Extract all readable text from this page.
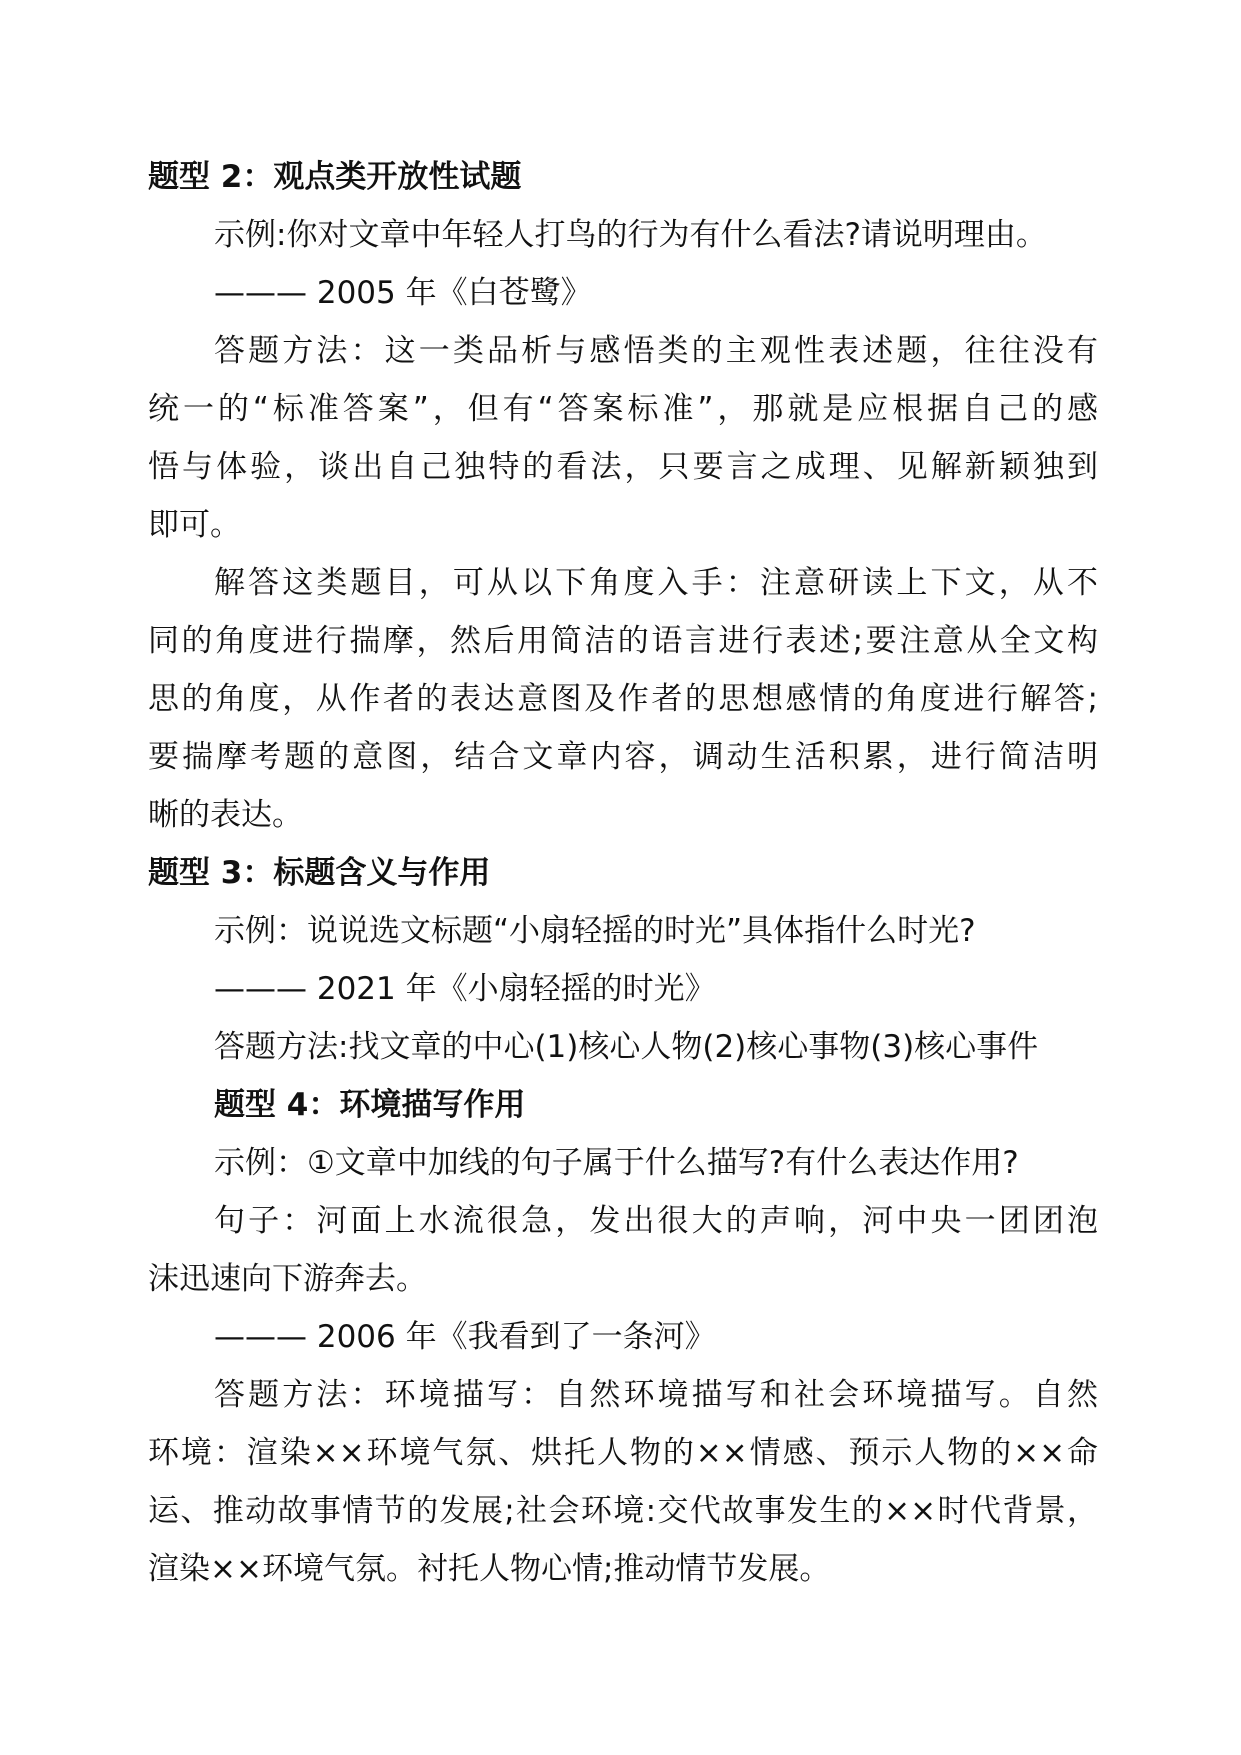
题型 2：观点类开放性试题
示例:你对文章中年轻人打鸟的行为有什么看法?请说明理由。
——— 2005 年《白苍鹭》
答题方法：这一类品析与感悟类的主观性表述题，往往没有
统一的“标准答案”，但有“答案标准”，那就是应根据自己的感
悟与体验，谈出自己独特的看法，只要言之成理、见解新颖独到
即可。
解答这类题目，可从以下角度入手：注意研读上下文，从不
同的角度进行揣摩，然后用简洁的语言进行表述;要注意从全文构
思的角度，从作者的表达意图及作者的思想感情的角度进行解答;
要揣摩考题的意图，结合文章内容，调动生活积累，进行简洁明
晰的表达。
题型 3：标题含义与作用
示例：说说选文标题“小扇轻摇的时光”具体指什么时光?
——— 2021 年《小扇轻摇的时光》
答题方法:找文章的中心(1)核心人物(2)核心事物(3)核心事件
题型 4：环境描写作用
示例：①文章中加线的句子属于什么描写?有什么表达作用?
句子：河面上水流很急，发出很大的声响，河中央一团团泡
沫迅速向下游奔去。
——— 2006 年《我看到了一条河》
答题方法：环境描写：自然环境描写和社会环境描写。自然
环境：渲染××环境气氛、烘托人物的××情感、预示人物的××命
运、推动故事情节的发展;社会环境:交代故事发生的××时代背景，
渲染××环境气氛。衬托人物心情;推动情节发展。
